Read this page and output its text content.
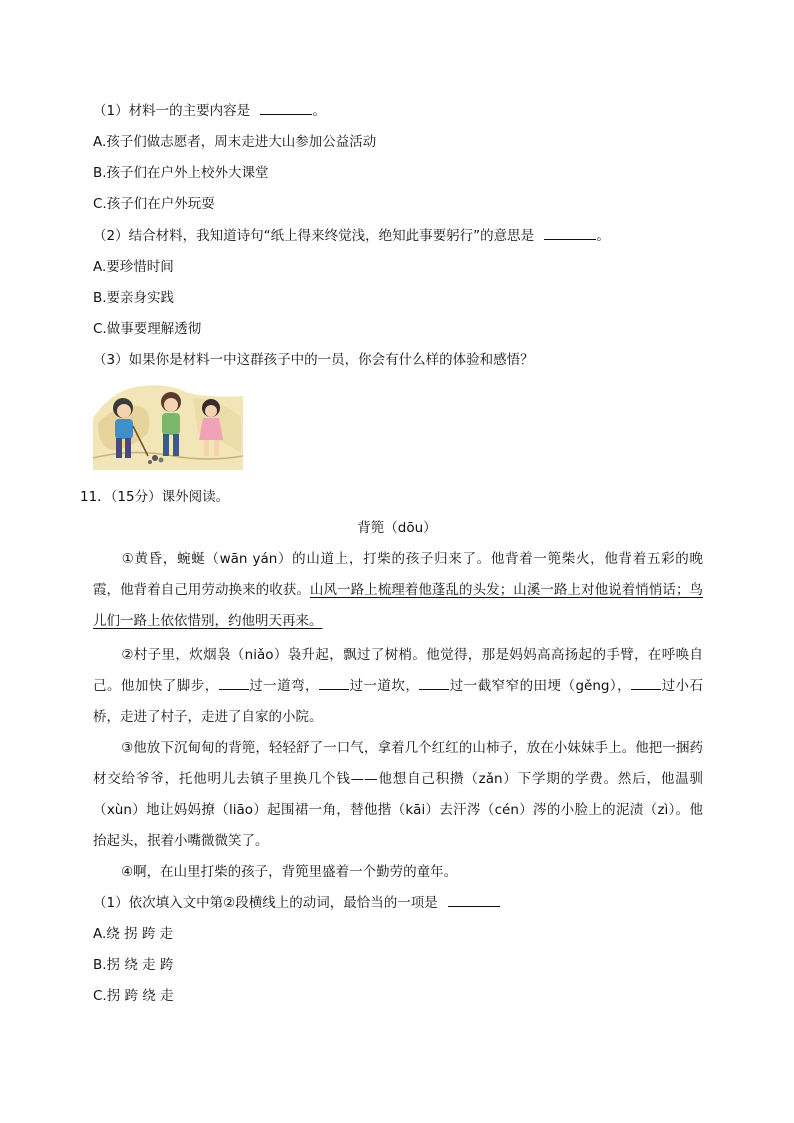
（1）材料一的主要内容是	。
A.孩子们做志愿者，周末走进大山参加公益活动
B.孩子们在户外上校外大课堂
C.孩子们在户外玩耍
（2）结合材料，我知道诗句“纸上得来终觉浅，绝知此事要躬行”的意思是	。
A.要珍惜时间
B.要亲身实践
C.做事要理解透彻
（3）如果你是材料一中这群孩子中的一员，你会有什么样的体验和感悟？
11．（15分）课外阅读。
背篼（dōu）
①黄昏，蜿蜒（wān yán）的山道上，打柴的孩子归来了。他背着一篼柴火，他背着五彩的晚霞，他背着自己用劳动换来的收获。山风一路上梳理着他蓬乱的头发；山溪一路上对他说着悄悄话；鸟儿们一路上依依惜别，约他明天再来。
②村子里，炊烟袅（niǎo）袅升起，飘过了树梢。他觉得，那是妈妈高高扬起的手臂，在呼唤自己。他加快了脚步， 过一道弯， 过一道坎， 过一截窄窄的田埂（gěng）， 过小石桥，走进了村子，走进了自家的小院。
③他放下沉甸甸的背篼，轻轻舒了一口气，拿着几个红红的山柿子，放在小妹妹手上。他把一捆药材交给爷爷，托他明儿去镇子里换几个钱——他想自己积攒（zǎn）下学期的学费。然后，他温驯（xùn）地让妈妈撩（liāo）起围裙一角，替他揩（kāi）去汗涔（cén）涔的小脸上的泥渍（zì）。他抬起头，抿着小嘴微微笑了。
④啊，在山里打柴的孩子，背篼里盛着一个勤劳的童年。
（1）依次填入文中第②段横线上的动词，最恰当的一项是
A.绕 拐 跨 走
B.拐 绕 走 跨
C.拐 跨 绕 走
